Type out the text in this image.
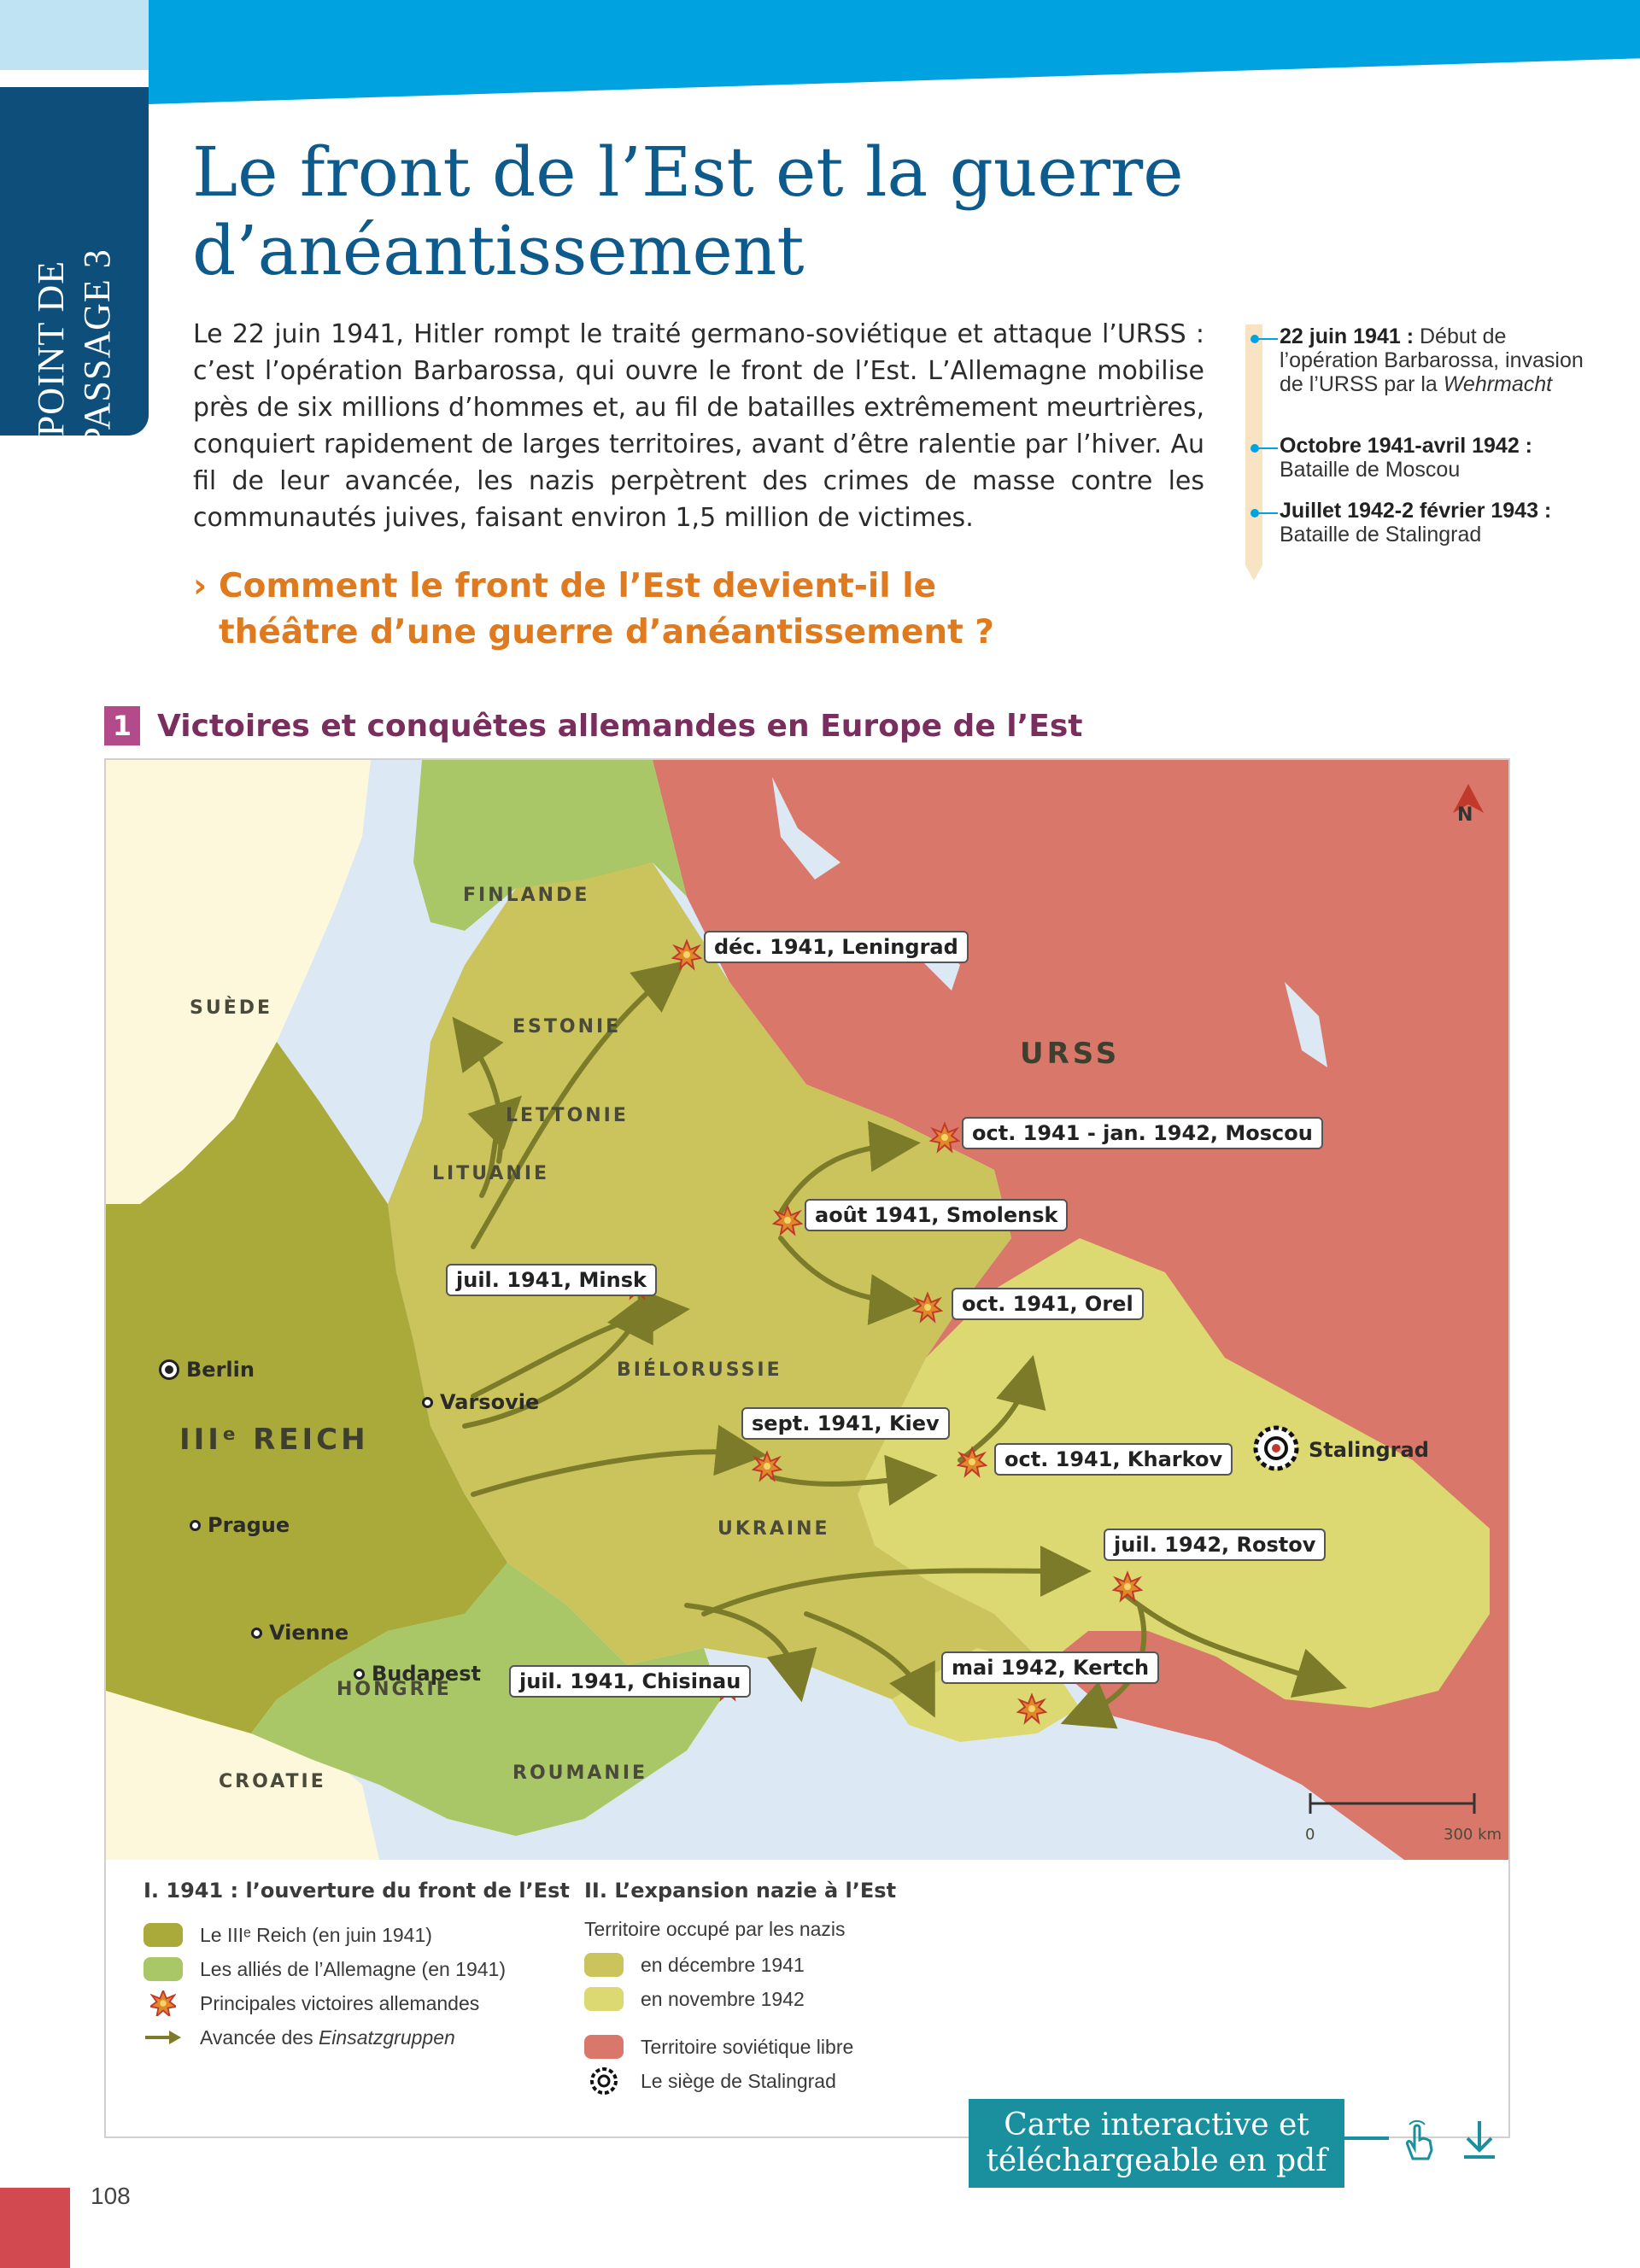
POINT DE PASSAGE 3
Le front de l’Est et la guerre d’anéantissement

Le 22 juin 1941, Hitler rompt le traité germano-soviétique et attaque l’URSS : c’est l’opération Barbarossa, qui ouvre le front de l’Est. L’Allemagne mobilise près de six millions d’hommes et, au fil de batailles extrêmement meurtrières, conquiert rapidement de larges territoires, avant d’être ralentie par l’hiver. Au fil de leur avancée, les nazis perpètrent des crimes de masse contre les communautés juives, faisant environ 1,5 million de victimes.

› Comment le front de l’Est devient-il le théâtre d’une guerre d’anéantissement ?
22 juin 1941 : Début de l’opération Barbarossa, invasion de l’URSS par la Wehrmacht
Octobre 1941-avril 1942 : Bataille de Moscou
Juillet 1942-2 février 1943 : Bataille de Stalingrad
1 Victoires et conquêtes allemandes en Europe de l’Est
N
FINLANDE
SUÈDE
ESTONIE
LETTONIE
LITUANIE
URSS
BIÉLORUSSIE
UKRAINE
HONGRIE
CROATIE	ROUMANIE
IIIᵉ REICH
Berlin
Varsovie
Prague
Vienne
Budapest
Stalingrad
déc. 1941, Leningrad
oct. 1941 - jan. 1942, Moscou
août 1941, Smolensk
juil. 1941, Minsk
oct. 1941, Orel
sept. 1941, Kiev
oct. 1941, Kharkov
juil. 1942, Rostov
mai 1942, Kertch
juil. 1941, Chisinau
0	300 km
I. 1941 : l’ouverture du front de l’Est
Le IIIᵉ Reich (en juin 1941)
Les alliés de l’Allemagne (en 1941)
Principales victoires allemandes
Avancée des
Einsatzgruppen
II. L’expansion nazie à l’Est
Territoire occupé par les nazis
en décembre 1941
en novembre 1942
Territoire soviétique libre
Le siège de Stalingrad
Carte interactive et
téléchargeable en pdf
108
